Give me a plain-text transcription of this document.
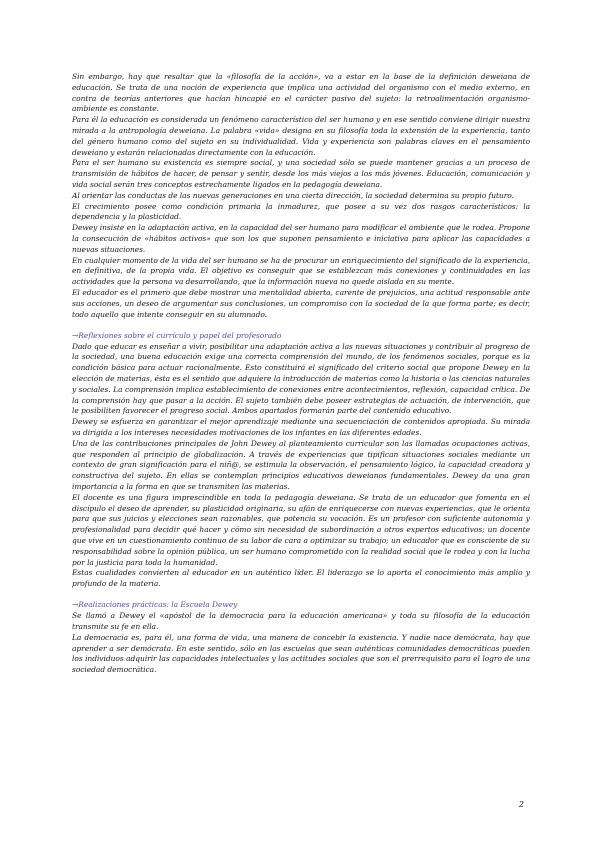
Sin embargo, hay que resaltar que la «filosofía de la acción», va a estar en la base de la definición deweiana de educación. Se trata de una noción de experiencia que implica una actividad del organismo con el medio externo, en contra de teorías anteriores que hacían hincapié en el carácter pasivo del sujeto: la retroalimentación organismo-ambiente es constante.

Para él la educación es considerada un fenómeno característico del ser humano y en ese sentido conviene dirigir nuestra mirada a la antropología deweiana. La palabra «vida» designa en su filosofía toda la extensión de la experiencia, tanto del género humano como del sujeto en su individualidad. Vida y experiencia son palabras claves en el pensamiento deweiano y estarán relacionadas directamente con la educación.

Para el ser humano su existencia es siempre social, y una sociedad sólo se puede mantener gracias a un proceso de transmisión de hábitos de hacer, de pensar y sentir, desde los más viejos a los más jóvenes. Educación, comunicación y vida social serán tres conceptos estrechamente ligados en la pedagogía deweiana.

Al orientar las conductas de las nuevas generaciones en una cierta dirección, la sociedad determina su propio futuro.

El crecimiento posee como condición primaria la inmadurez, que posee a su vez dos rasgos característicos: la dependencia y la plasticidad.

Dewey insiste en la adaptación activa, en la capacidad del ser humano para modificar el ambiente que le rodea. Propone la consecución de «hábitos activos» que son los que suponen pensamiento e iniciativa para aplicar las capacidades a nuevas situaciones.

En cualquier momento de la vida del ser humano se ha de procurar un enriquecimiento del significado de la experiencia, en definitiva, de la propia vida. El objetivo es conseguir que se establezcan más conexiones y continuidades en las actividades que la persona va desarrollando, que la información nueva no quede aislada en su mente.

El educador es el primero que debe mostrar una mentalidad abierta, carente de prejuicios, una actitud responsable ante sus acciones, un deseo de argumentar sus conclusiones, un compromiso con la sociedad de la que forma parte; es decir, todo aquello que intente conseguir en su alumnado.

→Reflexiones sobre el currículo y papel del profesorado

Dado que educar es enseñar a vivir, posibilitar una adaptación activa a las nuevas situaciones y contribuir al progreso de la sociedad, una buena educación exige una correcta comprensión del mundo, de los fenómenos sociales, porque es la condición básica para actuar racionalmente. Esto constituirá el significado del criterio social que propone Dewey en la elección de materias, ésta es el sentido que adquiere la introducción de materias como la historia o las ciencias naturales y sociales. La comprensión implica establecimiento de conexiones entre acontecimientos, reflexión, capacidad crítica. De la comprensión hay que pasar a la acción. El sujeto también debe poseer estrategias de actuación, de intervención, que le posibiliten favorecer el progreso social. Ambos apartados formarán parte del contenido educativo.

Dewey se esfuerza en garantizar el mejor aprendizaje mediante una secuenciación de contenidos apropiada. Su mirada va dirigida a los intereses necesidades motivaciones de los infantes en las diferentes edades.

Una de las contribuciones principales de John Dewey al planteamiento curricular son las llamadas ocupaciones activas, que responden al principio de globalización. A través de experiencias que tipifican situaciones sociales mediante un contexto de gran significación para el niñ@, se estimula la observación, el pensamiento lógico, la capacidad creadora y constructiva del sujeto. En ellas se contemplan principios educativos deweianos fundamentales. Dewey da una gran importancia a la forma en que se transmiten las materias.

El docente es una figura imprescindible en toda la pedagogía deweiana. Se trata de un educador que fomenta en el discípulo el deseo de aprender, su plasticidad originaria, su afán de enriquecerse con nuevas experiencias, que le orienta para que sus juicios y elecciones sean razonables, que potencia su vocación. Es un profesor con suficiente autonomía y profesionalidad para decidir qué hacer y cómo sin necesidad de subordinación a otros expertos educativos; un docente que vive en un cuestionamiento continuo de su labor de cara a optimizar su trabajo; un educador que es consciente de su responsabilidad sobre la opinión pública, un ser humano comprometido con la realidad social que le rodea y con la lucha por la justicia para toda la humanidad.

Estas cualidades convierten al educador en un auténtico líder. El liderazgo se lo aporta el conocimiento más amplio y profundo de la materia.

→Realizaciones prácticas: la Escuela Dewey

Se llamó a Dewey el «apóstol de la democracia para la educación americana» y toda su filosofía de la educación transmite su fe en ella.

La democracia es, para él, una forma de vida, una manera de concebir la existencia. Y nadie nace demócrata, hay que aprender a ser demócrata. En este sentido, sólo en las escuelas que sean auténticas comunidades democráticas pueden los individuos adquirir las capacidades intelectuales y las actitudes sociales que son el prerrequisito para el logro de una sociedad democrática.

2
